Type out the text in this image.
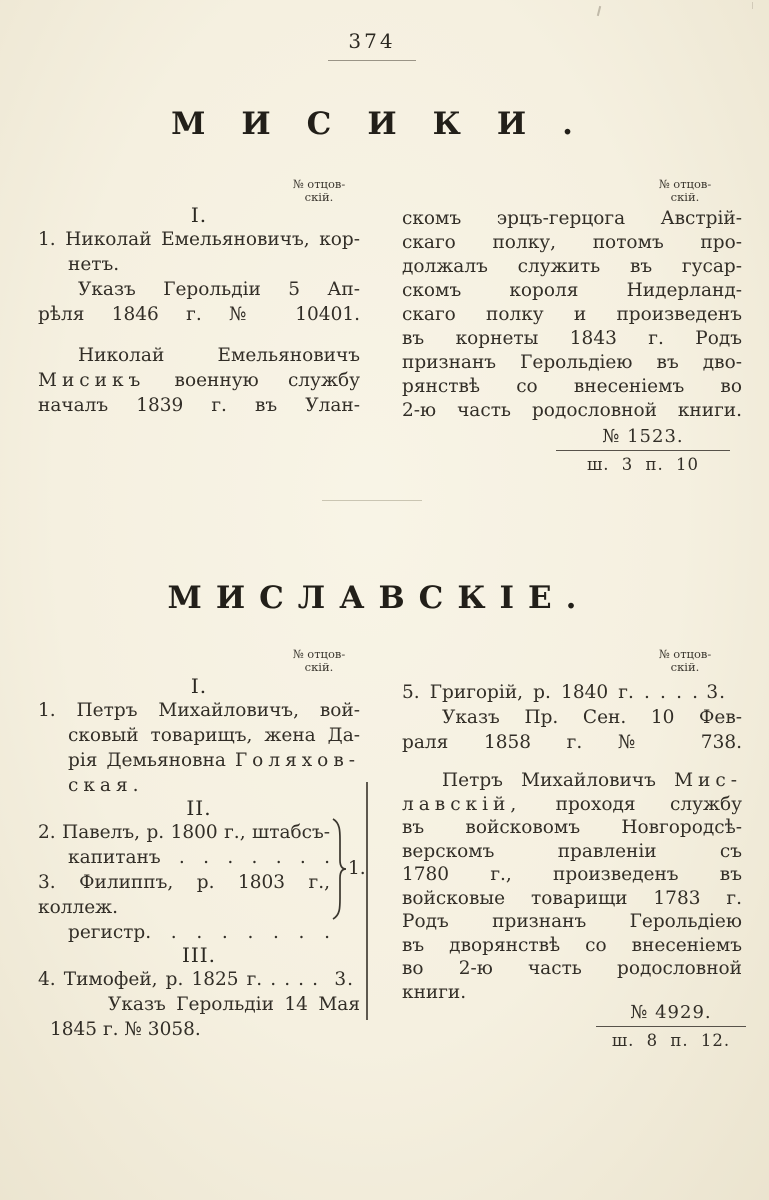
374
МИСИКИ.
№ отцов-
скій.
№ отцов-
скій.
I.
1. Николай Емельяновичъ, кор-
нетъ.
Указъ Герольдіи 5 Ап-
рѣля 1846 г. № 10401.
Николай Емельяновичъ
Мисикъ военную службу
началъ 1839 г. въ Улан-
скомъ эрцъ-герцога Австрій-
скаго полку, потомъ про-
должалъ служить въ гусар-
скомъ короля Нидерланд-
скаго полку и произведенъ
въ корнеты 1843 г. Родъ
признанъ Герольдіею въ дво-
рянствѣ со внесеніемъ во
2-ю часть родословной книги.
№ 1523.
ш. 3 п. 10
МИСЛАВСКІЕ.
№ отцов-
скій.
№ отцов-
скій.
I.
1. Петръ Михайловичъ, вой-
сковый товарищъ, жена Да-
рія Демьяновна Голяхов-
ская.
II.
2. Павелъ, р. 1800 г., штабсъ-
капитанъ . . . . . . .
3. Филиппъ, р. 1803 г., коллеж.
регистр. . . . . . . .
III.
4. Тимофей, р. 1825 г. . . . . 3.
Указъ Герольдіи 14 Мая
1845 г. № 3058.
1.
5. Григорій, р. 1840 г. . . . . 3.
Указъ Пр. Сен. 10 Фев-
раля 1858 г. № 738.
Петръ Михайловичъ Мис-
лавскій, проходя службу
въ войсковомъ Новгородсѣ-
верскомъ правленіи съ
1780 г., произведенъ въ
войсковые товарищи 1783 г.
Родъ признанъ Герольдіею
въ дворянствѣ со внесеніемъ
во 2-ю часть родословной
книги.
№ 4929.
ш. 8 п. 12.
